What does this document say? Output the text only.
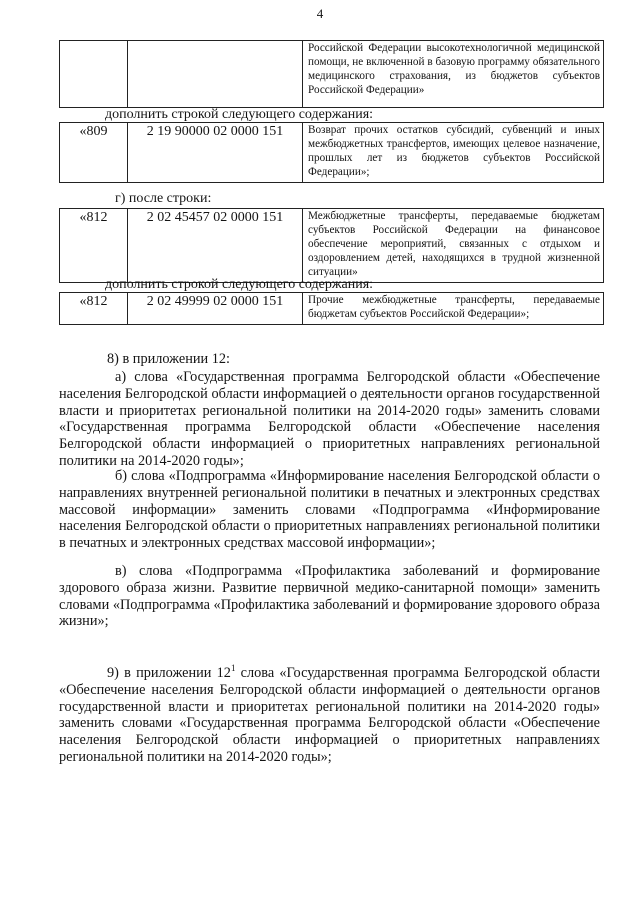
4
		Российской Федерации высокотехнологичной медицинской помощи, не включенной в базовую программу обязательного медицинского страхования, из бюджетов субъектов Российской Федерации»
дополнить строкой следующего содержания:
«809	2 19 90000 02 0000 151	Возврат прочих остатков субсидий, субвенций и иных межбюджетных трансфертов, имеющих целевое назначение, прошлых лет из бюджетов субъектов Российской Федерации»;
г) после строки:
«812	2 02 45457 02 0000 151	Межбюджетные трансферты, передаваемые бюджетам субъектов Российской Федерации на финансовое обеспечение мероприятий, связанных с отдыхом и оздоровлением детей, находящихся в трудной жизненной ситуации»
дополнить строкой следующего содержания:
«812	2 02 49999 02 0000 151	Прочие межбюджетные трансферты, передаваемые бюджетам субъектов Российской Федерации»;

8) в приложении 12:

а) слова «Государственная программа Белгородской области «Обеспечение населения Белгородской области информацией о деятельности органов государственной власти и приоритетах региональной политики на 2014-2020 годы» заменить словами «Государственная программа Белгородской области «Обеспечение населения Белгородской области информацией о приоритетных направлениях региональной политики на 2014-2020 годы»;

б) слова «Подпрограмма «Информирование населения Белгородской области о направлениях внутренней региональной политики в печатных и электронных средствах массовой информации» заменить словами «Подпрограмма «Информирование населения Белгородской области о приоритетных направлениях региональной политики в печатных и электронных средствах массовой информации»;

в) слова «Подпрограмма «Профилактика заболеваний и формирование здорового образа жизни. Развитие первичной медико-санитарной помощи» заменить словами «Подпрограмма «Профилактика заболеваний и формирование здорового образа жизни»;

9) в приложении $12^1$ слова «Государственная программа Белгородской области «Обеспечение населения Белгородской области информацией о деятельности органов государственной власти и приоритетах региональной политики на 2014-2020 годы» заменить словами «Государственная программа Белгородской области «Обеспечение населения Белгородской области информацией о приоритетных направлениях региональной политики на 2014-2020 годы»;
